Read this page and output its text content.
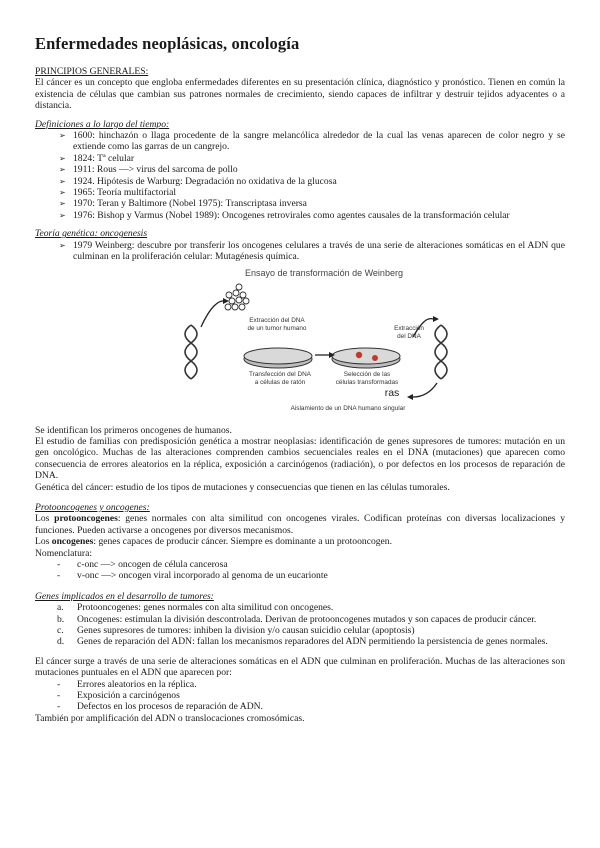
Enfermedades neoplásicas, oncología
PRINCIPIOS GENERALES:

El cáncer es un concepto que engloba enfermedades diferentes en su presentación clínica, diagnóstico y pronóstico. Tienen en común la existencia de células que cambian sus patrones normales de crecimiento, siendo capaces de infiltrar y destruir tejidos adyacentes o a distancia.

Definiciones a lo largo del tiempo:
➢ 1600: hinchazón o llaga procedente de la sangre melancólica alrededor de la cual las venas aparecen de color negro y se extiende como las garras de un cangrejo.
➢ 1824: Tª celular
➢ 1911: Rous —> virus del sarcoma de pollo
➢ 1924. Hipótesis de Warburg: Degradación no oxidativa de la glucosa
➢ 1965: Teoría multifactorial
➢ 1970: Teran y Baltimore (Nobel 1975): Transcriptasa inversa
➢ 1976: Bishop y Varmus (Nobel 1989): Oncogenes retrovirales como agentes causales de la transformación celular
Teoría genética: oncogenesis
➢ 1979 Weinberg: descubre por transferir los oncogenes celulares a través de una serie de alteraciones somáticas en el ADN que culminan en la proliferación celular: Mutagénesis química.
Ensayo de transformación de Weinberg
Extracción del DNA de un tumor humano
Transfección del DNA a células de ratón
Selección de las células transformadas
Extracción del DNA
ras
Aislamiento de un DNA humano singular

Se identifican los primeros oncogenes de humanos.

El estudio de familias con predisposición genética a mostrar neoplasias: identificación de genes supresores de tumores: mutación en un gen oncológico. Muchas de las alteraciones comprenden cambios secuenciales reales en el DNA (mutaciones) que aparecen como consecuencia de errores aleatorios en la réplica, exposición a carcinógenos (radiación), o por defectos en los procesos de reparación de DNA.

Genética del cáncer: estudio de los tipos de mutaciones y consecuencias que tienen en las células tumorales.

Protooncogenes y oncogenes:

Los protooncogenes: genes normales con alta similitud con oncogenes virales. Codifican proteínas con diversas localizaciones y funciones. Pueden activarse a oncogenes por diversos mecanismos.

Los oncogenes: genes capaces de producir cáncer. Siempre es dominante a un protooncogen.

Nomenclatura:

- c-onc —> oncogen de célula cancerosa
- v-onc —> oncogen viral incorporado al genoma de un eucarionte
Genes implicados en el desarrollo de tumores:
a. Protooncogenes: genes normales con alta similitud con oncogenes.
b. Oncogenes: estimulan la división descontrolada. Derivan de protooncogenes mutados y son capaces de producir cáncer.
c. Genes supresores de tumores: inhiben la division y/o causan suicidio celular (apoptosis)
d. Genes de reparación del ADN: fallan los mecanismos reparadores del ADN permitiendo la persistencia de genes normales.

El cáncer surge a través de una serie de alteraciones somáticas en el ADN que culminan en proliferación. Muchas de las alteraciones son mutaciones puntuales en el ADN que aparecen por:

- Errores aleatorios en la réplica.
- Exposición a carcinógenos
- Defectos en los procesos de reparación de ADN.

También por amplificación del ADN o translocaciones cromosómicas.
